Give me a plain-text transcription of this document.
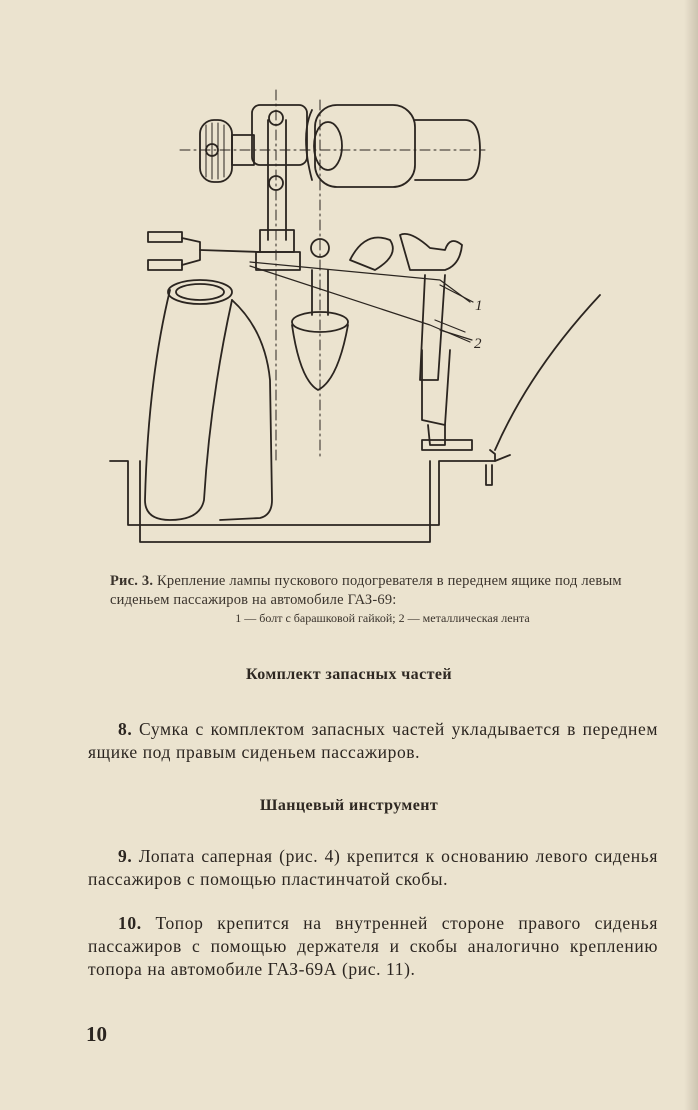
1
2
Рис. 3. Крепление лампы пускового подогревателя в переднем ящике под левым сиденьем пассажиров на автомобиле ГАЗ-69:
1 — болт с барашковой гайкой; 2 — металлическая лента
Комплект запасных частей
8. Сумка с комплектом запасных частей укладывается в переднем ящике под правым сиденьем пассажиров.
Шанцевый инструмент
9. Лопата саперная (рис. 4) крепится к основанию левого сиденья пассажиров с помощью пластинчатой скобы.
10. Топор крепится на внутренней стороне правого сиденья пассажиров с помощью держателя и скобы аналогично креплению топора на автомобиле ГАЗ-69А (рис. 11).
10
